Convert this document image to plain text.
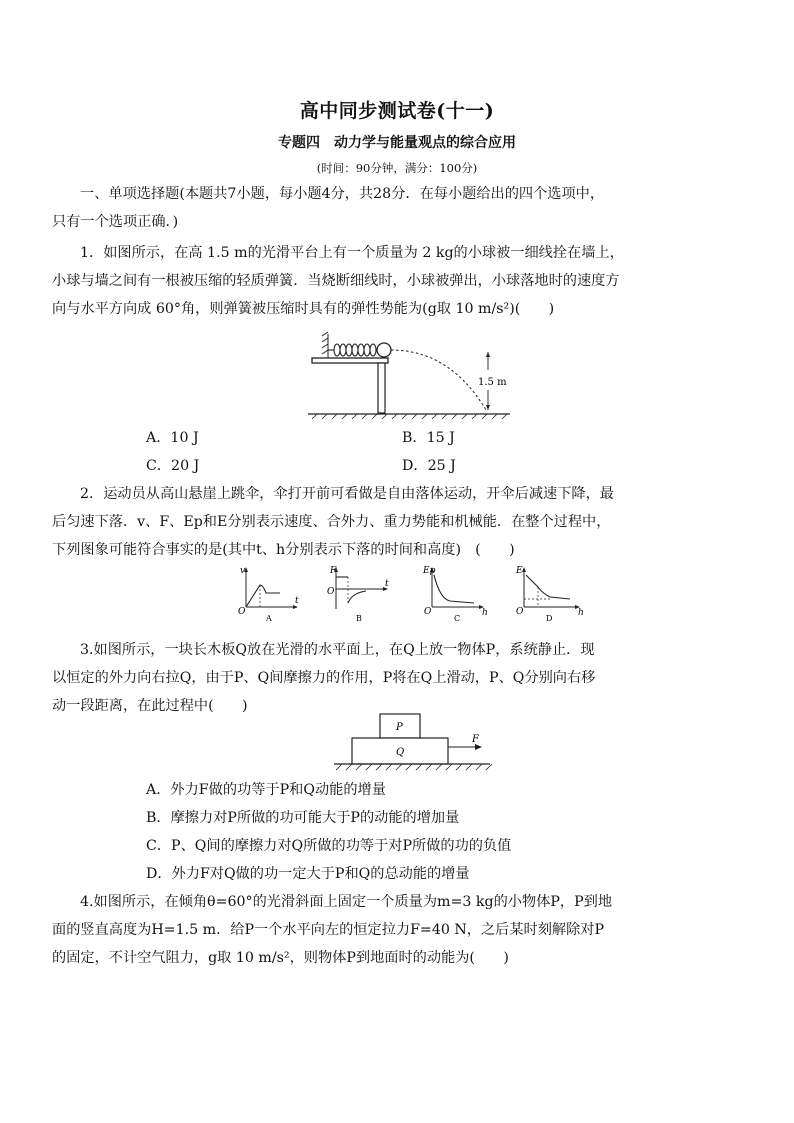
高中同步测试卷(十一)
专题四　动力学与能量观点的综合应用
(时间：90分钟，满分：100分)
一、单项选择题(本题共7小题，每小题4分，共28分．在每小题给出的四个选项中，
只有一个选项正确．)
1．如图所示，在高 1.5 m的光滑平台上有一个质量为 2 kg的小球被一细线拴在墙上，
小球与墙之间有一根被压缩的轻质弹簧．当烧断细线时，小球被弹出，小球落地时的速度方
向与水平方向成 60°角，则弹簧被压缩时具有的弹性势能为(g取 10 m/s²)(　　)
1.5 m
A．10 J	B．15 J
C．20 J	D．25 J
2．运动员从高山悬崖上跳伞，伞打开前可看做是自由落体运动，开伞后减速下降，最
后匀速下落．v、F、Ep和E分别表示速度、合外力、重力势能和机械能．在整个过程中，
下列图象可能符合事实的是(其中t、h分别表示下落的时间和高度)　(　　)
v
t
O
A
F
t
O
B
Ep
h
O
C
E
h
O
D
3.如图所示，一块长木板Q放在光滑的水平面上，在Q上放一物体P，系统静止．现
以恒定的外力向右拉Q，由于P、Q间摩擦力的作用，P将在Q上滑动，P、Q分别向右移
动一段距离，在此过程中(　　)
P
Q
F
A．外力F做的功等于P和Q动能的增量
B．摩擦力对P所做的功可能大于P的动能的增加量
C．P、Q间的摩擦力对Q所做的功等于对P所做的功的负值
D．外力F对Q做的功一定大于P和Q的总动能的增量
4.如图所示，在倾角θ=60°的光滑斜面上固定一个质量为m=3 kg的小物体P，P到地
面的竖直高度为H=1.5 m．给P一个水平向左的恒定拉力F=40 N，之后某时刻解除对P
的固定，不计空气阻力，g取 10 m/s²，则物体P到地面时的动能为(　　)
